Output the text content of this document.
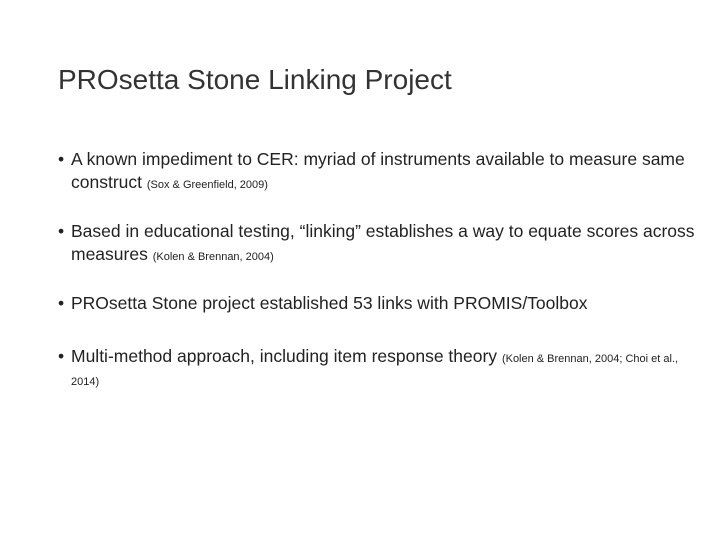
PROsetta Stone Linking Project
• A known impediment to CER: myriad of instruments available to measure same construct (Sox & Greenfield, 2009)
• Based in educational testing, “linking” establishes a way to equate scores across measures (Kolen & Brennan, 2004)
• PROsetta Stone project established 53 links with PROMIS/Toolbox
• Multi-method approach, including item response theory (Kolen & Brennan, 2004; Choi et al., 2014)
